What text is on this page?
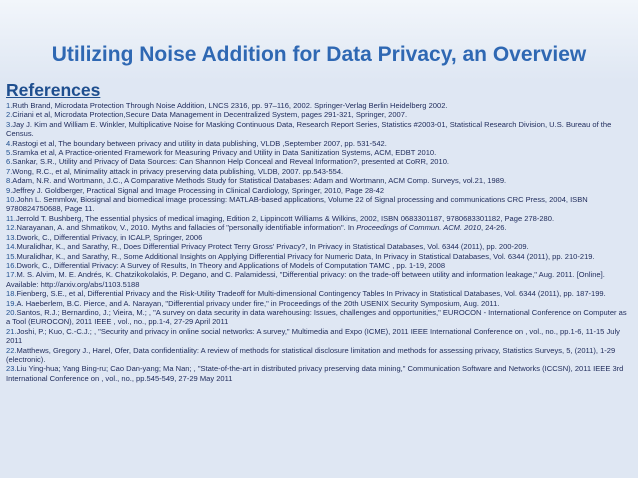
Utilizing Noise Addition for Data Privacy, an Overview
References
1.Ruth Brand, Microdata Protection Through Noise Addition, LNCS 2316, pp. 97–116, 2002. Springer-Verlag Berlin Heidelberg 2002.
2.Ciriani et al, Microdata Protection,Secure Data Management in Decentralized System, pages 291-321, Springer, 2007.
3.Jay J. Kim and William E. Winkler, Multiplicative Noise for Masking Continuous Data, Research Report Series, Statistics #2003-01, Statistical Research Division, U.S. Bureau of the Census.
4.Rastogi et al, The boundary between privacy and utility in data publishing, VLDB ,September 2007, pp. 531-542.
5.Sramka et al, A Practice-oriented Framework for Measuring Privacy and Utility in Data Sanitization Systems, ACM, EDBT 2010.
6.Sankar, S.R., Utility and Privacy of Data Sources: Can Shannon Help Conceal and Reveal Information?, presented at CoRR, 2010.
7.Wong, R.C., et al, Minimality attack in privacy preserving data publishing, VLDB, 2007. pp.543-554.
8.Adam, N.R. and Wortmann, J.C., A Comparative Methods Study for Statistical Databases: Adam and Wortmann, ACM Comp. Surveys, vol.21, 1989.
9.Jeffrey J. Goldberger, Practical Signal and Image Processing in Clinical Cardiology, Springer, 2010, Page 28-42
10.John L. Semmlow, Biosignal and biomedical image processing: MATLAB-based applications, Volume 22 of Signal processing and communications CRC Press, 2004, ISBN 9780824750688, Page 11.
11.Jerrold T. Bushberg, The essential physics of medical imaging, Edition 2, Lippincott Williams & Wilkins, 2002, ISBN 0683301187, 9780683301182, Page 278-280.
12.Narayanan, A. and Shmatikov, V., 2010. Myths and fallacies of "personally identifiable information". In Proceedings of Commun. ACM. 2010, 24-26.
13.Dwork, C., Differential Privacy, in ICALP, Springer, 2006
14.Muralidhar, K., and Sarathy, R., Does Differential Privacy Protect Terry Gross' Privacy?, In Privacy in Statistical Databases, Vol. 6344 (2011), pp. 200-209.
15.Muralidhar, K., and Sarathy, R., Some Additional Insights on Applying Differential Privacy for Numeric Data, In Privacy in Statistical Databases, Vol. 6344 (2011), pp. 210-219.
16.Dwork, C., Differential Privacy: A Survey of Results, In Theory and Applications of Models of Computation TAMC , pp. 1-19, 2008
17.M. S. Alvim, M. E. Andrés, K. Chatzikokolakis, P. Degano, and C. Palamidessi, "Differential privacy: on the trade-off between utility and information leakage," Aug. 2011. [Online]. Available: http://arxiv.org/abs/1103.5188
18.Fienberg, S.E., et al, Differential Privacy and the Risk-Utility Tradeoff for Multi-dimensional Contingency Tables In Privacy in Statistical Databases, Vol. 6344 (2011), pp. 187-199.
19.A. Haeberlem, B.C. Pierce, and A. Narayan, "Differential privacy under fire," in Proceedings of the 20th USENIX Security Symposium, Aug. 2011.
20.Santos, R.J.; Bernardino, J.; Vieira, M.; , "A survey on data security in data warehousing: Issues, challenges and opportunities," EUROCON - International Conference on Computer as a Tool (EUROCON), 2011 IEEE , vol., no., pp.1-4, 27-29 April 2011
21.Joshi, P.; Kuo, C.-C.J.; , "Security and privacy in online social networks: A survey," Multimedia and Expo (ICME), 2011 IEEE International Conference on , vol., no., pp.1-6, 11-15 July 2011
22.Matthews, Gregory J., Harel, Ofer, Data confidentiality: A review of methods for statistical disclosure limitation and methods for assessing privacy, Statistics Surveys, 5, (2011), 1-29 (electronic).
23.Liu Ying-hua; Yang Bing-ru; Cao Dan-yang; Ma Nan; , "State-of-the-art in distributed privacy preserving data mining," Communication Software and Networks (ICCSN), 2011 IEEE 3rd International Conference on , vol., no., pp.545-549, 27-29 May 2011
